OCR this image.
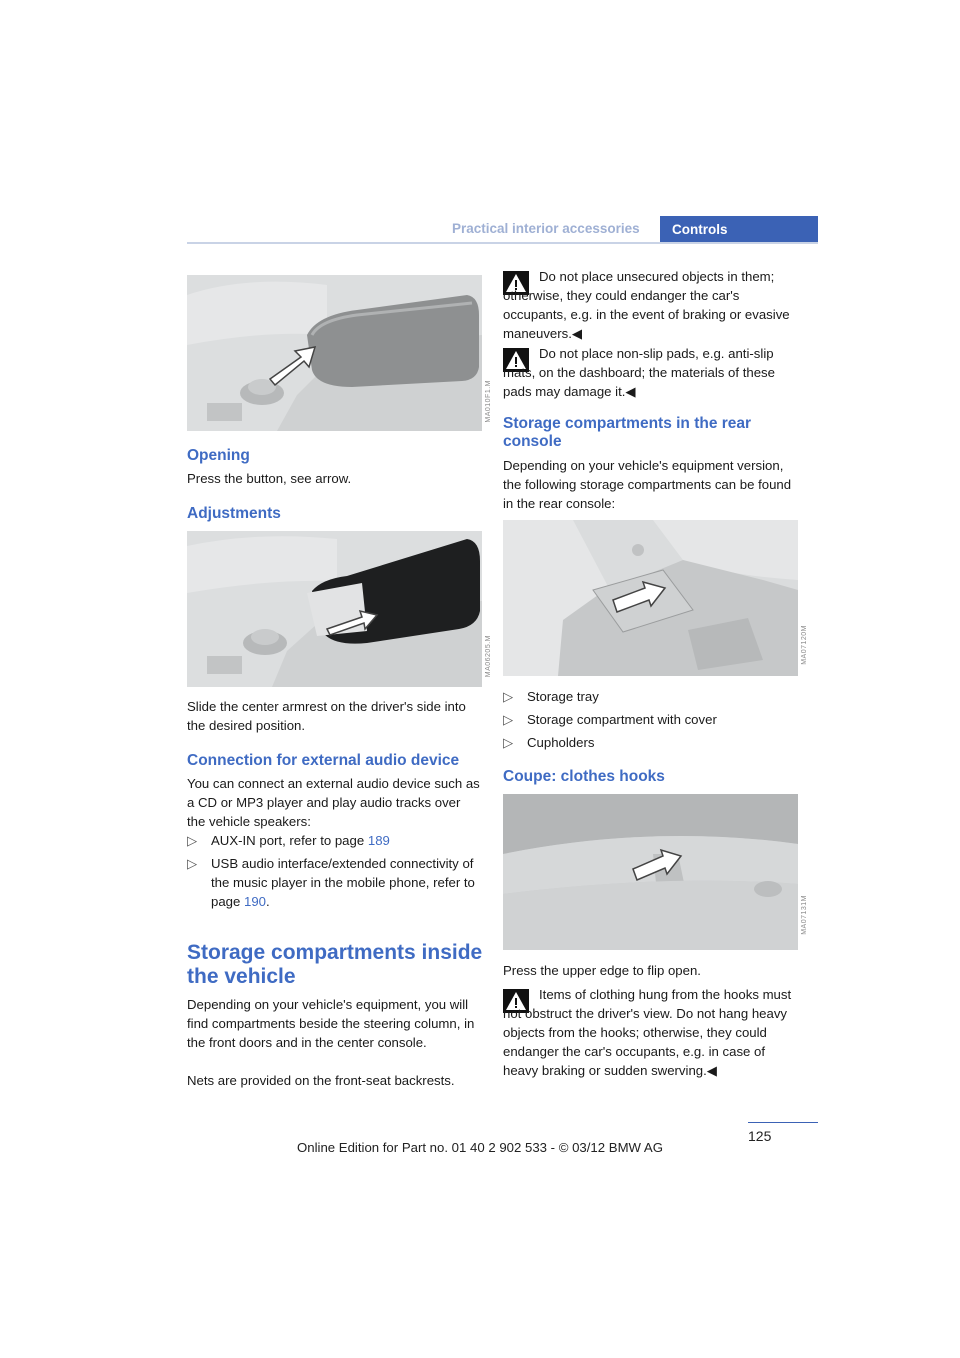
Practical interior accessories	Controls
MA010F1.M
Opening

Press the button, see arrow.

Adjustments
MA06205.M

Slide the center armrest on the driver's side into the desired position.

Connection for external audio device

You can connect an external audio device such as a CD or MP3 player and play audio tracks over the vehicle speakers:

▷ AUX-IN port, refer to page 189
▷ USB audio interface/extended connectivity of the music player in the mobile phone, refer to page 190.
Storage compartments inside the vehicle

Depending on your vehicle's equipment, you will find compartments beside the steering column, in the front doors and in the center console.

Nets are provided on the front-seat backrests.

Do not place unsecured objects in them; otherwise, they could endanger the car's occupants, e.g. in the event of braking or evasive maneuvers.◀

Do not place non-slip pads, e.g. anti-slip mats, on the dashboard; the materials of these pads may damage it.◀

Storage compartments in the rear console

Depending on your vehicle's equipment version, the following storage compartments can be found in the rear console:

MA07120M
▷ Storage tray
▷ Storage compartment with cover
▷ Cupholders
Coupe: clothes hooks
MA07131M

Press the upper edge to flip open.

Items of clothing hung from the hooks must not obstruct the driver's view. Do not hang heavy objects from the hooks; otherwise, they could endanger the car's occupants, e.g. in case of heavy braking or sudden swerving.◀

125
Online Edition for Part no. 01 40 2 902 533 - © 03/12 BMW AG
